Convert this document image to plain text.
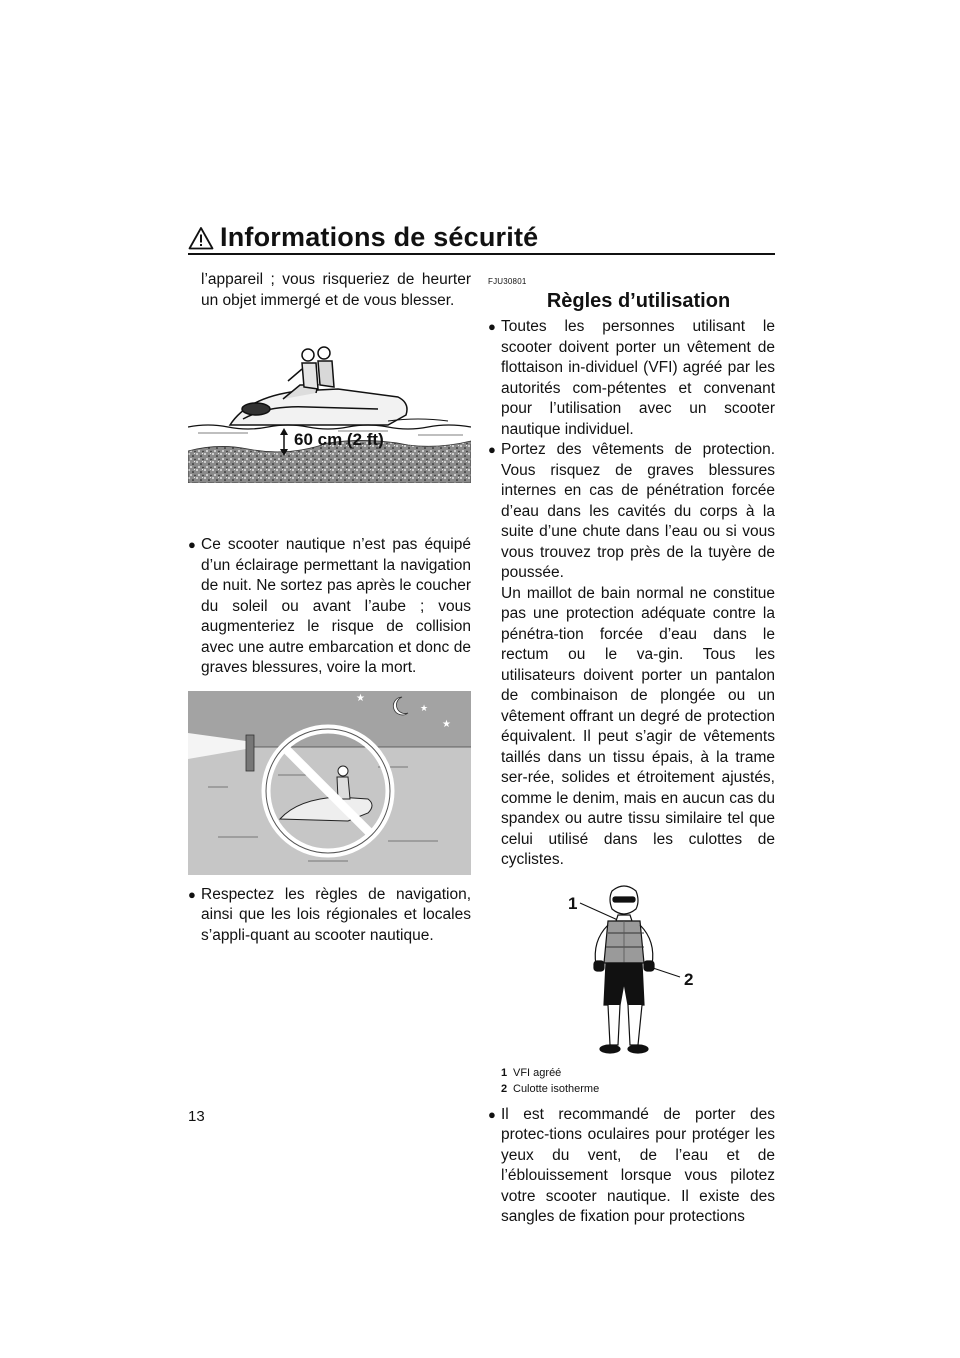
Informations de sécurité

l’appareil ; vous risqueriez de heurter un objet immergé et de vous blesser.

60 cm (2 ft)

● Ce scooter nautique n’est pas équipé d’un éclairage permettant la navigation de nuit. Ne sortez pas après le coucher du soleil ou avant l’aube ; vous augmenteriez le risque de collision avec une autre embarcation et donc de graves blessures, voire la mort.

★
★
★

● Respectez les règles de navigation, ainsi que les lois régionales et locales s’appli-quant au scooter nautique.

FJU30801

Règles d’utilisation

● Toutes les personnes utilisant le scooter doivent porter un vêtement de flottaison in-dividuel (VFI) agréé par les autorités com-pétentes et convenant pour l’utilisation avec un scooter nautique individuel.

● Portez des vêtements de protection. Vous risquez de graves blessures internes en cas de pénétration forcée d’eau dans les cavités du corps à la suite d’une chute dans l’eau ou si vous vous trouvez trop près de la tuyère de poussée.

Un maillot de bain normal ne constitue pas une protection adéquate contre la pénétra-tion forcée d’eau dans le rectum ou le va-gin. Tous les utilisateurs doivent porter un pantalon de combinaison de plongée ou un vêtement offrant un degré de protection équivalent. Il peut s’agir de vêtements taillés dans un tissu épais, à la trame ser-rée, solides et étroitement ajustés, comme le denim, mais en aucun cas du spandex ou autre tissu similaire tel que celui utilisé dans les culottes de cyclistes.

1
2
1 VFI agréé
2 Culotte isotherme

● Il est recommandé de porter des protec-tions oculaires pour protéger les yeux du vent, de l’eau et de l’éblouissement lorsque vous pilotez votre scooter nautique. Il existe des sangles de fixation pour protections

13
